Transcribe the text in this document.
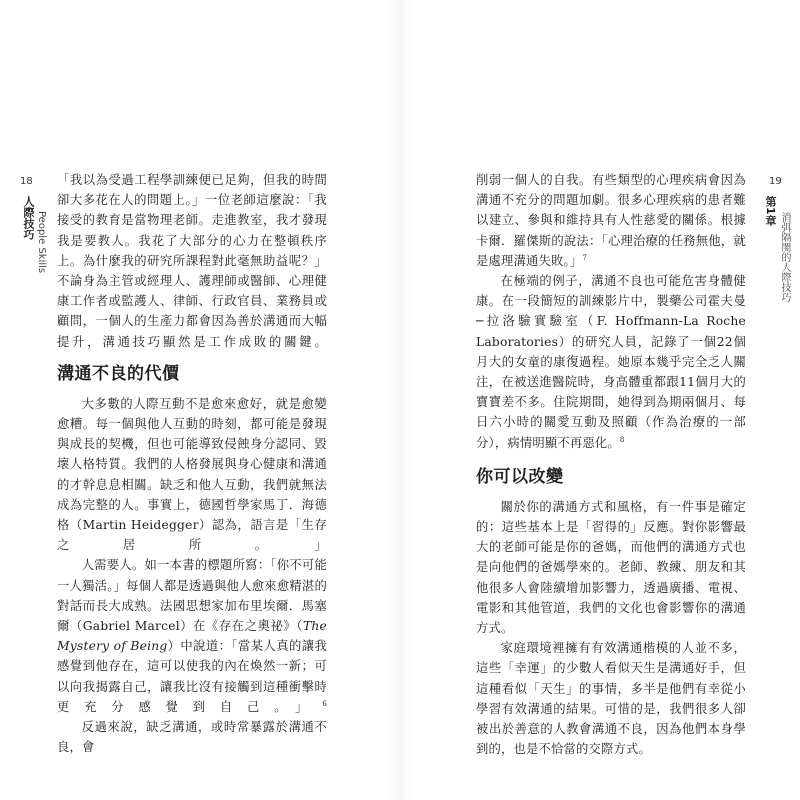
18
人際技巧 People Skills

「我以為受過工程學訓練便已足夠，但我的時間卻大多花在人的問題上。」一位老師這麼說：「我接受的教育是當物理老師。走進教室，我才發現我是要教人。我花了大部分的心力在整頓秩序上。為什麼我的研究所課程對此毫無助益呢？」不論身為主管或經理人、護理師或醫師、心理健康工作者或監護人、律師、行政官員、業務員或顧問，一個人的生產力都會因為善於溝通而大幅提升，溝通技巧顯然是工作成敗的關鍵。

溝通不良的代價

大多數的人際互動不是愈來愈好，就是愈變愈糟。每一個與他人互動的時刻，都可能是發現與成長的契機，但也可能導致侵蝕身分認同、毀壞人格特質。我們的人格發展與身心健康和溝通的才幹息息相關。缺乏和他人互動，我們就無法成為完整的人。事實上，德國哲學家馬丁．海德格（Martin Heidegger）認為，語言是「生存之居所。」

人需要人。如一本書的標題所寫：「你不可能一人獨活。」每個人都是透過與他人愈來愈精湛的對話而長大成熟。法國思想家加布里埃爾．馬塞爾（Gabriel Marcel）在《存在之奧祕》（The Mystery of Being）中說道：「當某人真的讓我感覺到他存在，這可以使我的內在煥然一新；可以向我揭露自己，讓我比沒有接觸到這種衝擊時更充分感覺到自己。」$^6$

反過來說，缺乏溝通，或時常暴露於溝通不良，會

19
第1章
消弭隔閡的人際技巧

削弱一個人的自我。有些類型的心理疾病會因為溝通不充分的問題加劇。很多心理疾病的患者難以建立、參與和維持具有人性慈愛的關係。根據卡爾．羅傑斯的說法：「心理治療的任務無他，就是處理溝通失敗。」$^7$

在極端的例子，溝通不良也可能危害身體健康。在一段簡短的訓練影片中，製藥公司霍夫曼─拉洛驗實驗室（F. Hoffmann-La Roche Laboratories）的研究人員，記錄了一個22個月大的女童的康復過程。她原本幾乎完全乏人關注，在被送進醫院時，身高體重都跟11個月大的寶寶差不多。住院期間，她得到為期兩個月、每日六小時的關愛互動及照顧（作為治療的一部分），病情明顯不再惡化。$^8$

你可以改變

關於你的溝通方式和風格，有一件事是確定的：這些基本上是「習得的」反應。對你影響最大的老師可能是你的爸媽，而他們的溝通方式也是向他們的爸媽學來的。老師、教練、朋友和其他很多人會陸續增加影響力，透過廣播、電視、電影和其他管道，我們的文化也會影響你的溝通方式。

家庭環境裡擁有有效溝通楷模的人並不多，這些「幸運」的少數人看似天生是溝通好手，但這種看似「天生」的事情，多半是他們有幸從小學習有效溝通的結果。可惜的是，我們很多人卻被出於善意的人教會溝通不良，因為他們本身學到的，也是不恰當的交際方式。
